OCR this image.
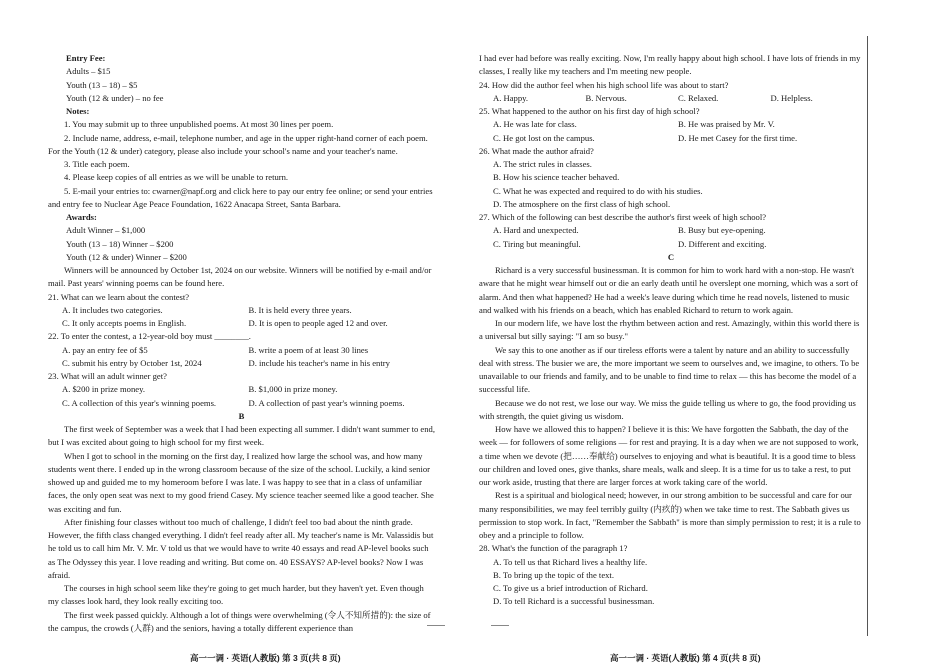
Entry Fee:

Adults – $15

Youth (13 – 18) – $5

Youth (12 & under) – no fee

Notes:

1. You may submit up to three unpublished poems. At most 30 lines per poem.

2. Include name, address, e-mail, telephone number, and age in the upper right-hand corner of each poem. For the Youth (12 & under) category, please also include your school's name and your teacher's name.

3. Title each poem.

4. Please keep copies of all entries as we will be unable to return.

5. E-mail your entries to: cwarner@napf.org and click here to pay our entry fee online; or send your entries and entry fee to Nuclear Age Peace Foundation, 1622 Anacapa Street, Santa Barbara.

Awards:

Adult Winner – $1,000

Youth (13 – 18) Winner – $200

Youth (12 & under) Winner – $200

Winners will be announced by October 1st, 2024 on our website. Winners will be notified by e-mail and/or mail. Past years' winning poems can be found here.

21. What can we learn about the contest?

A. It includes two categories.	B. It is held every three years.
C. It only accepts poems in English.	D. It is open to people aged 12 and over.

22. To enter the contest, a 12-year-old boy must ________.

A. pay an entry fee of $5	B. write a poem of at least 30 lines
C. submit his entry by October 1st, 2024	D. include his teacher's name in his entry

23. What will an adult winner get?

A. $200 in prize money.	B. $1,000 in prize money.
C. A collection of this year's winning poems.	D. A collection of past year's winning poems.

B

The first week of September was a week that I had been expecting all summer. I didn't want summer to end, but I was excited about going to high school for my first week.

When I got to school in the morning on the first day, I realized how large the school was, and how many students went there. I ended up in the wrong classroom because of the size of the school. Luckily, a kind senior showed up and guided me to my homeroom before I was late. I was happy to see that in a class of unfamiliar faces, the only open seat was next to my good friend Casey. My science teacher seemed like a good teacher. She was exciting and fun.

After finishing four classes without too much of challenge, I didn't feel too bad about the ninth grade. However, the fifth class changed everything. I didn't feel ready after all. My teacher's name is Mr. Valassidis but he told us to call him Mr. V. Mr. V told us that we would have to write 40 essays and read AP-level books such as The Odyssey this year. I love reading and writing. But come on. 40 ESSAYS? AP-level books? Now I was afraid.

The courses in high school seem like they're going to get much harder, but they haven't yet. Even though my classes look hard, they look really exciting too.

The first week passed quickly. Although a lot of things were overwhelming (令人不知所措的): the size of the campus, the crowds (人群) and the seniors, having a totally different experience than

I had ever had before was really exciting. Now, I'm really happy about high school. I have lots of friends in my classes, I really like my teachers and I'm meeting new people.

24. How did the author feel when his high school life was about to start?

A. Happy.	B. Nervous.	C. Relaxed.	D. Helpless.

25. What happened to the author on his first day of high school?

A. He was late for class.	B. He was praised by Mr. V.
C. He got lost on the campus.	D. He met Casey for the first time.

26. What made the author afraid?

A. The strict rules in classes.
B. How his science teacher behaved.
C. What he was expected and required to do with his studies.
D. The atmosphere on the first class of high school.

27. Which of the following can best describe the author's first week of high school?

A. Hard and unexpected.	B. Busy but eye-opening.
C. Tiring but meaningful.	D. Different and exciting.

C

Richard is a very successful businessman. It is common for him to work hard with a non-stop. He wasn't aware that he might wear himself out or die an early death until he overslept one morning, which was a sort of alarm. And then what happened? He had a week's leave during which time he read novels, listened to music and walked with his friends on a beach, which has enabled Richard to return to work again.

In our modern life, we have lost the rhythm between action and rest. Amazingly, within this world there is a universal but silly saying: "I am so busy."

We say this to one another as if our tireless efforts were a talent by nature and an ability to successfully deal with stress. The busier we are, the more important we seem to ourselves and, we imagine, to others. To be unavailable to our friends and family, and to be unable to find time to relax — this has become the model of a successful life.

Because we do not rest, we lose our way. We miss the guide telling us where to go, the food providing us with strength, the quiet giving us wisdom.

How have we allowed this to happen? I believe it is this: We have forgotten the Sabbath, the day of the week — for followers of some religions — for rest and praying. It is a day when we are not supposed to work, a time when we devote (把……奉献给) ourselves to enjoying and what is beautiful. It is a good time to bless our children and loved ones, give thanks, share meals, walk and sleep. It is a time for us to take a rest, to put our work aside, trusting that there are larger forces at work taking care of the world.

Rest is a spiritual and biological need; however, in our strong ambition to be successful and care for our many responsibilities, we may feel terribly guilty (内疚的) when we take time to rest. The Sabbath gives us permission to stop work. In fact, "Remember the Sabbath" is more than simply permission to rest; it is a rule to obey and a principle to follow.

28. What's the function of the paragraph 1?

A. To tell us that Richard lives a healthy life.
B. To bring up the topic of the text.
C. To give us a brief introduction of Richard.
D. To tell Richard is a successful businessman.
高一一调 · 英语(人教版) 第 3 页(共 8 页)	高一一调 · 英语(人教版) 第 4 页(共 8 页)
